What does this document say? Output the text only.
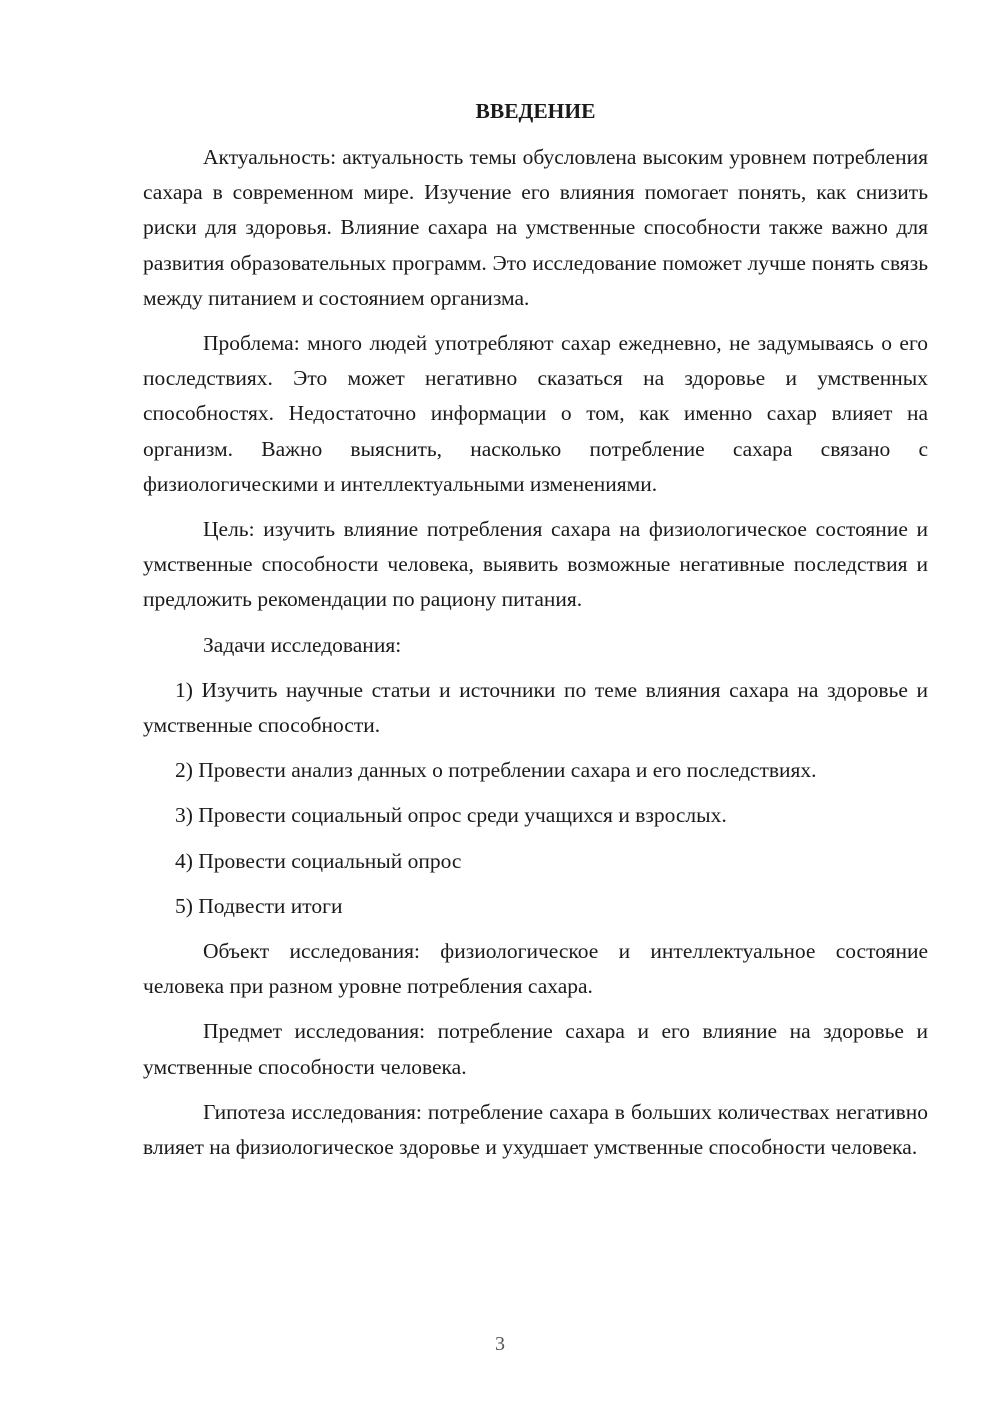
ВВЕДЕНИЕ

Актуальность: актуальность темы обусловлена высоким уровнем потребления сахара в современном мире. Изучение его влияния помогает понять, как снизить риски для здоровья. Влияние сахара на умственные способности также важно для развития образовательных программ. Это исследование поможет лучше понять связь между питанием и состоянием организма.

Проблема: много людей употребляют сахар ежедневно, не задумываясь о его последствиях. Это может негативно сказаться на здоровье и умственных способностях. Недостаточно информации о том, как именно сахар влияет на организм. Важно выяснить, насколько потребление сахара связано с физиологическими и интеллектуальными изменениями.

Цель: изучить влияние потребления сахара на физиологическое состояние и умственные способности человека, выявить возможные негативные последствия и предложить рекомендации по рациону питания.

Задачи исследования:

1) Изучить научные статьи и источники по теме влияния сахара на здоровье и умственные способности.

2) Провести анализ данных о потреблении сахара и его последствиях.

3) Провести социальный опрос среди учащихся и взрослых.

4) Провести социальный опрос

5) Подвести итоги

Объект исследования: физиологическое и интеллектуальное состояние человека при разном уровне потребления сахара.

Предмет исследования: потребление сахара и его влияние на здоровье и умственные способности человека.

Гипотеза исследования: потребление сахара в больших количествах негативно влияет на физиологическое здоровье и ухудшает умственные способности человека.

3
